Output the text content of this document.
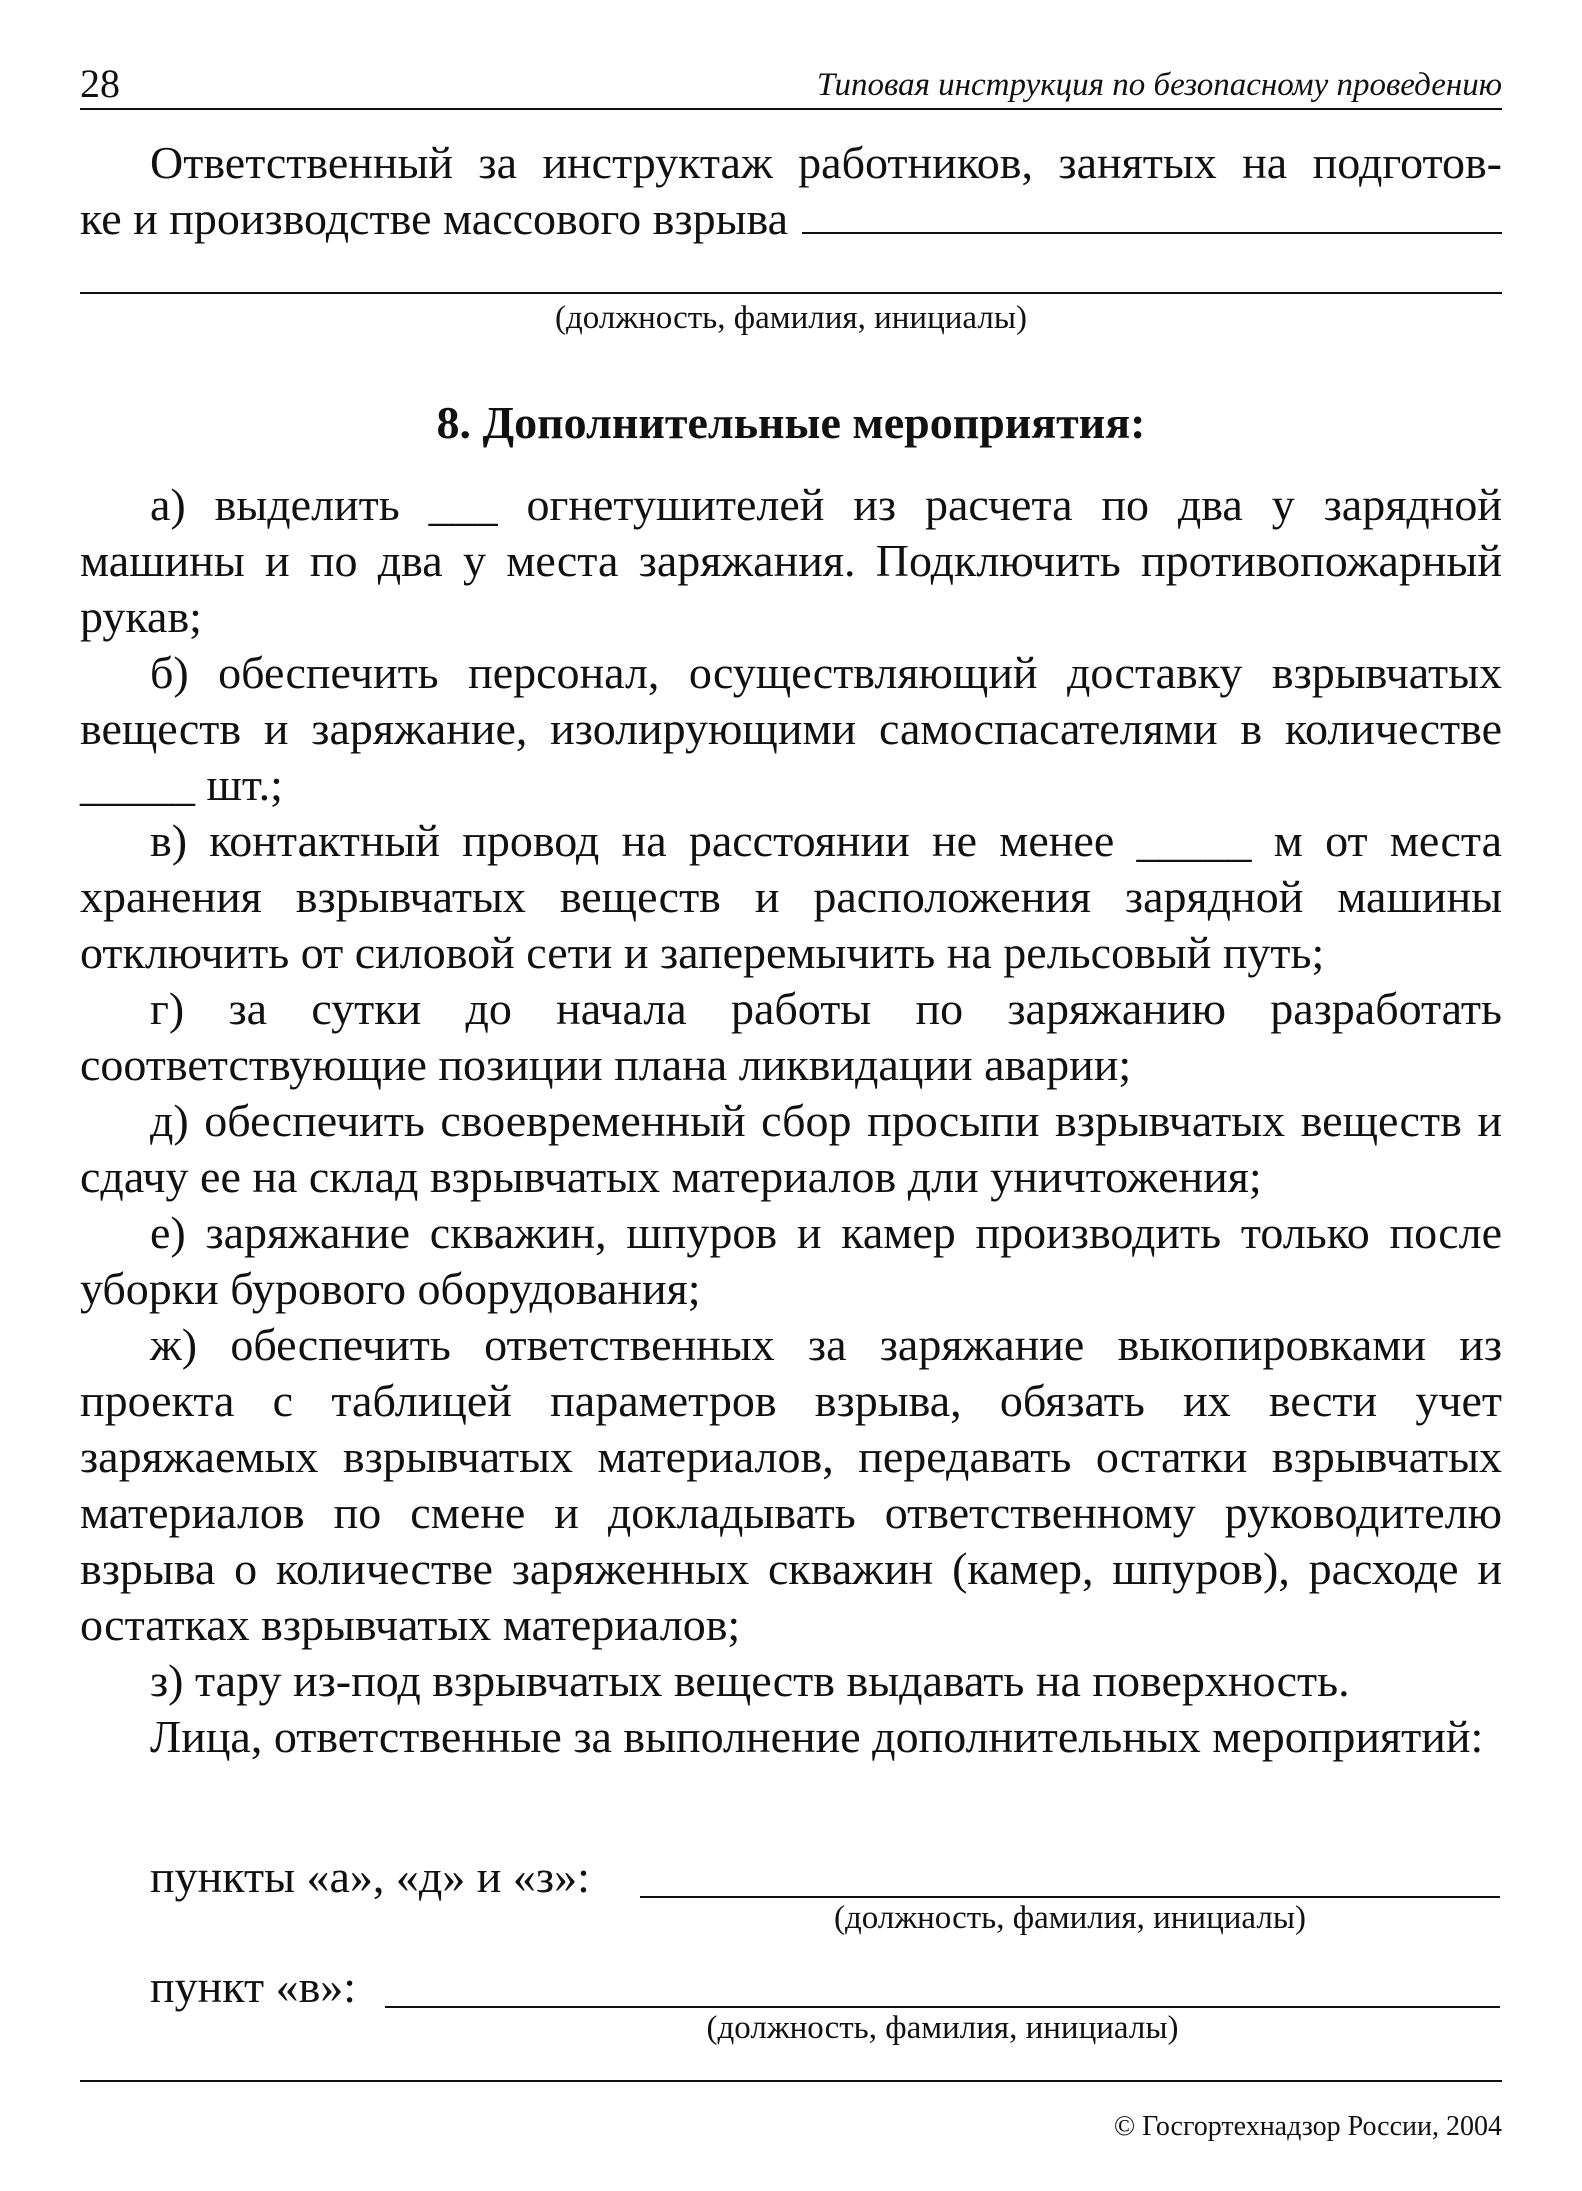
28	Типовая инструкция по безопасному проведению
Ответственный за инструктаж работников, занятых на подготов-
ке и производстве массового взрыва
(должность, фамилия, инициалы)
8. Дополнительные мероприятия:

а) выделить ___ огнетушителей из расчета по два у зарядной машины и по два у места заряжания. Подключить противопожарный рукав;

б) обеспечить персонал, осуществляющий доставку взрывчатых веществ и заряжание, изолирующими самоспасателями в количестве _____ шт.;

в) контактный провод на расстоянии не менее _____ м от места хранения взрывчатых веществ и расположения зарядной машины отключить от силовой сети и заперемычить на рельсовый путь;

г) за сутки до начала работы по заряжанию разработать соответствующие позиции плана ликвидации аварии;

д) обеспечить своевременный сбор просыпи взрывчатых веществ и сдачу ее на склад взрывчатых материалов дли уничтожения;

е) заряжание скважин, шпуров и камер производить только после уборки бурового оборудования;

ж) обеспечить ответственных за заряжание выкопировками из проекта с таблицей параметров взрыва, обязать их вести учет заряжаемых взрывчатых материалов, передавать остатки взрывчатых материалов по смене и докладывать ответственному руководителю взрыва о количестве заряженных скважин (камер, шпуров), расходе и остатках взрывчатых материалов;

з) тару из-под взрывчатых веществ выдавать на поверхность.

Лица, ответственные за выполнение дополнительных мероприятий:

пункты «а», «д» и «з»:
(должность, фамилия, инициалы)
пункт «в»:
(должность, фамилия, инициалы)
© Госгортехнадзор России, 2004
